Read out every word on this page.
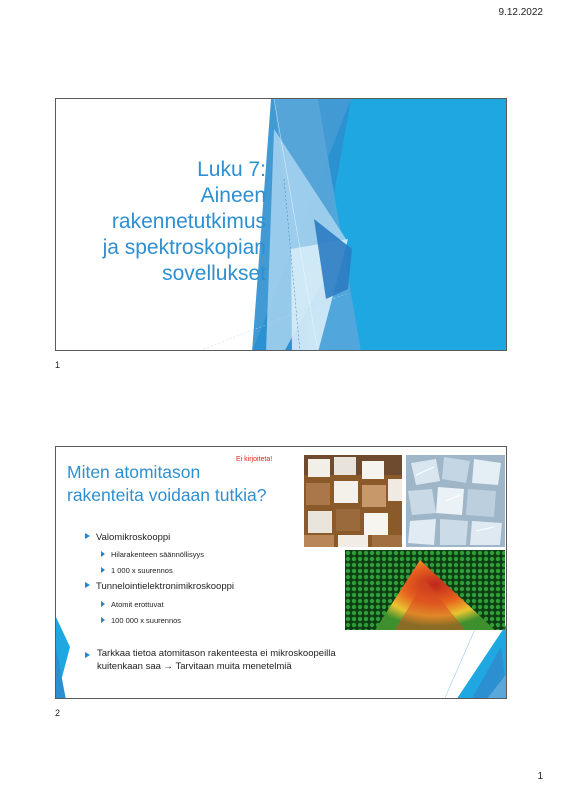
9.12.2022
Luku 7:
Aineen
rakennetutkimus
ja spektroskopian
sovellukset
1
Ei kirjoiteta!
Miten atomitason
rakenteita voidaan tutkia?
Valomikroskooppi
Hilarakenteen säännöllisyys
1 000 x suurennos
Tunnelointielektronimikroskooppi
Atomit erottuvat
100 000 x suurennos
Tarkkaa tietoa atomitason rakenteesta ei mikroskoopeilla
kuitenkaan saa → Tarvitaan muita menetelmiä
2
1
